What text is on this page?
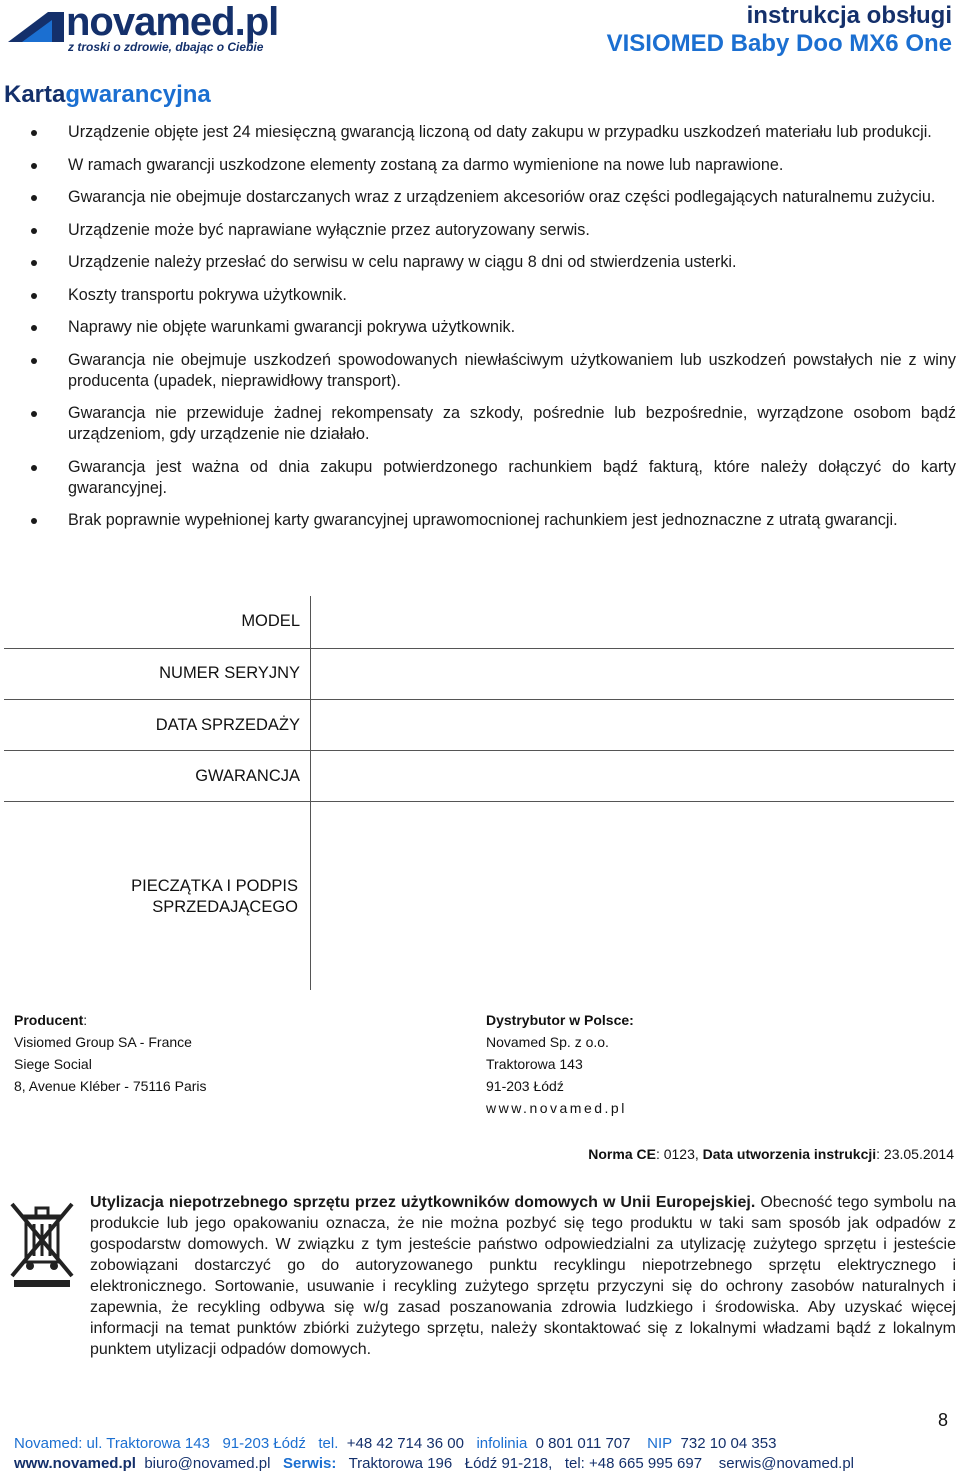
novamed.pl
z troski o zdrowie, dbając o Ciebie
instrukcja obsługi
VISIOMED Baby Doo MX6 One
Kartagwarancyjna
Urządzenie objęte jest 24 miesięczną gwarancją liczoną od daty zakupu w przypadku uszkodzeń materiału lub produkcji.
W ramach gwarancji uszkodzone elementy zostaną za darmo wymienione na nowe lub naprawione.
Gwarancja nie obejmuje dostarczanych wraz z urządzeniem akcesoriów oraz części podlegających naturalnemu zużyciu.
Urządzenie może być naprawiane wyłącznie przez autoryzowany serwis.
Urządzenie należy przesłać do serwisu w celu naprawy w ciągu 8 dni od stwierdzenia usterki.
Koszty transportu pokrywa użytkownik.
Naprawy nie objęte warunkami gwarancji pokrywa użytkownik.
Gwarancja nie obejmuje uszkodzeń spowodowanych niewłaściwym użytkowaniem lub uszkodzeń powstałych nie z winy producenta (upadek, nieprawidłowy transport).
Gwarancja nie przewiduje żadnej rekompensaty za szkody, pośrednie lub bezpośrednie, wyrządzone osobom bądź urządzeniom, gdy urządzenie nie działało.
Gwarancja jest ważna od dnia zakupu potwierdzonego rachunkiem bądź fakturą, które należy dołączyć do karty gwarancyjnej.
Brak poprawnie wypełnionej karty gwarancyjnej uprawomocnionej rachunkiem jest jednoznaczne z utratą gwarancji.
MODEL
NUMER SERYJNY
DATA SPRZEDAŻY
GWARANCJA
PIECZĄTKA I PODPIS
SPRZEDAJĄCEGO
Producent:
Visiomed Group SA - France
Siege Social
8, Avenue Kléber - 75116 Paris
Dystrybutor w Polsce:
Novamed Sp. z o.o.
Traktorowa 143
91-203 Łódź
www.novamed.pl
Norma CE: 0123, Data utworzenia instrukcji: 23.05.2014
Utylizacja niepotrzebnego sprzętu przez użytkowników domowych w Unii Europejskiej. Obecność tego symbolu na produkcie lub jego opakowaniu oznacza, że nie można pozbyć się tego produktu w taki sam sposób jak odpadów z gospodarstw domowych. W związku z tym jesteście państwo odpowiedzialni za utylizację zużytego sprzętu i jesteście zobowiązani dostarczyć go do autoryzowanego punktu recyklingu niepotrzebnego sprzętu elektrycznego i elektronicznego. Sortowanie, usuwanie i recykling zużytego sprzętu przyczyni się do ochrony zasobów naturalnych i zapewnia, że recykling odbywa się w/g zasad poszanowania zdrowia ludzkiego i środowiska. Aby uzyskać więcej informacji na temat punktów zbiórki zużytego sprzętu, należy skontaktować się z lokalnymi władzami bądź z lokalnym punktem utylizacji odpadów domowych.
8
Novamed: ul. Traktorowa 143 91-203 Łódź tel. +48 42 714 36 00 infolinia 0 801 011 707 NIP 732 10 04 353
www.novamed.pl biuro@novamed.pl Serwis: Traktorowa 196 Łódź 91-218, tel: +48 665 995 697 serwis@novamed.pl
